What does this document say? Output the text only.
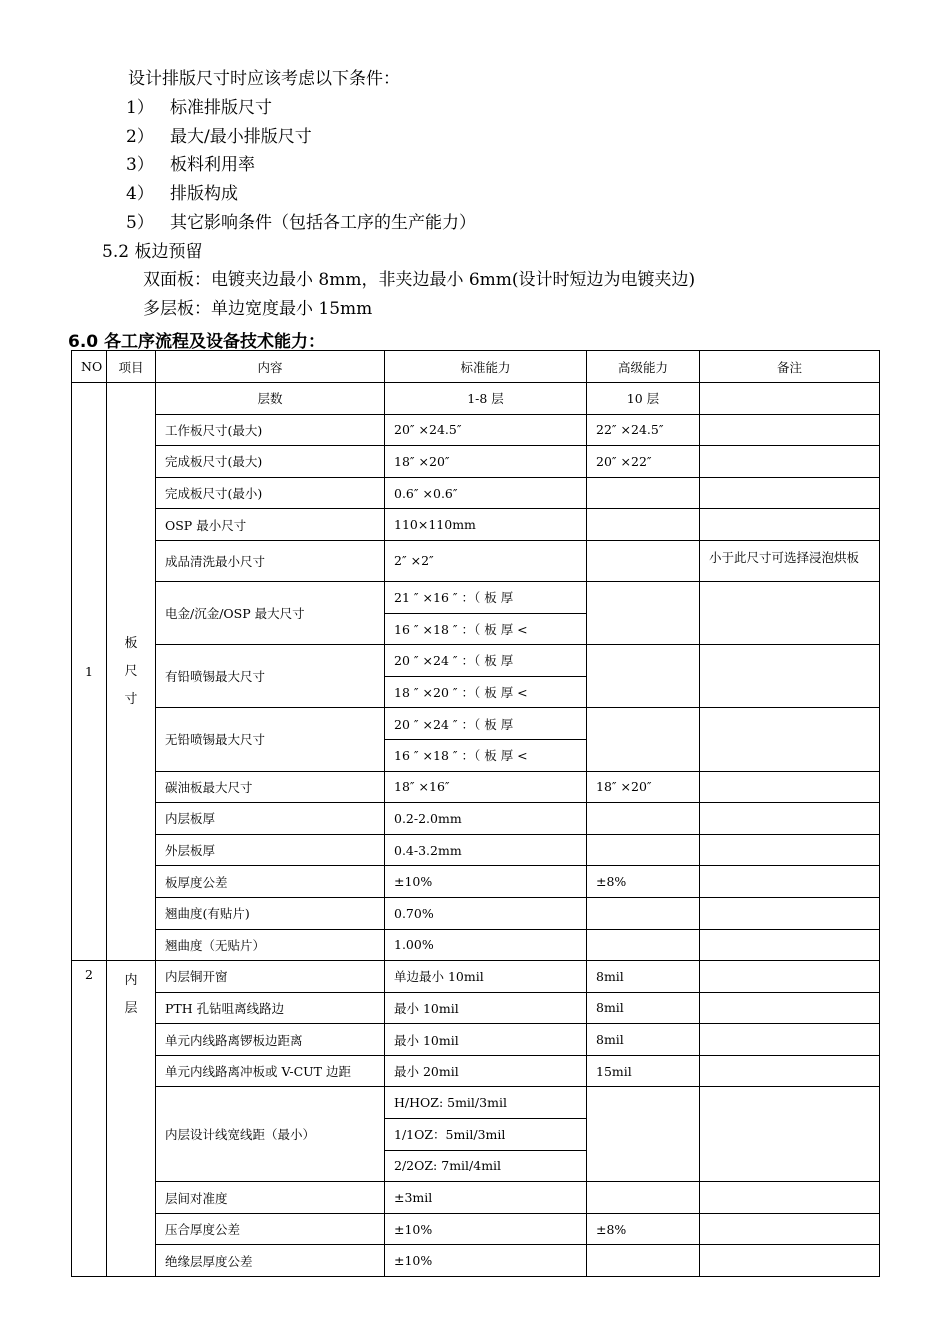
设计排版尺寸时应该考虑以下条件：
1） 标准排版尺寸
2） 最大/最小排版尺寸
3） 板料利用率
4） 排版构成
5） 其它影响条件（包括各工序的生产能力）
5.2 板边预留
双面板：电镀夹边最小 8mm，非夹边最小 6mm(设计时短边为电镀夹边)
多层板：单边宽度最小 15mm
6.0 各工序流程及设备技术能力：
NO	项目	内容	标准能力	高级能力	备注
1	板尺寸	层数	1-8 层	10 层	
		工作板尺寸(最大)	20″ ×24.5″	22″ ×24.5″	
		完成板尺寸(最大)	18″ ×20″	20″ ×22″	
		完成板尺寸(最小)	0.6″ ×0.6″		
		OSP 最小尺寸	110×110mm		
		成品清洗最小尺寸	2″ ×2″		小于此尺寸可选择浸泡烘板

		电金/沉金/OSP 最大尺寸	21 ″ ×16 ″ ：（ 板 厚		
			16 ″ ×18 ″ ：（ 板 厚 <		
		有铅喷锡最大尺寸	20 ″ ×24 ″ ：（ 板 厚		
			18 ″ ×20 ″ ：（ 板 厚 <		
		无铅喷锡最大尺寸	20 ″ ×24 ″ ：（ 板 厚		
			16 ″ ×18 ″ ：（ 板 厚 <		
		碳油板最大尺寸	18″ ×16″	18″ ×20″	
		内层板厚	0.2-2.0mm		
		外层板厚	0.4-3.2mm		
		板厚度公差	±10%	±8%	
		翘曲度(有贴片)	0.70%		
		翘曲度（无贴片）	1.00%		
2	内层	内层铜开窗	单边最小 10mil	8mil	
		PTH 孔钻咀离线路边	最小 10mil	8mil	
		单元内线路离锣板边距离	最小 10mil	8mil	
		单元内线路离冲板或 V-CUT 边距	最小 20mil	15mil	
		内层设计线宽线距（最小）	H/HOZ: 5mil/3mil		
			1/1OZ：5mil/3mil		
			2/2OZ: 7mil/4mil		
		层间对准度	±3mil		
		压合厚度公差	±10%	±8%	
		绝缘层厚度公差	±10%		
